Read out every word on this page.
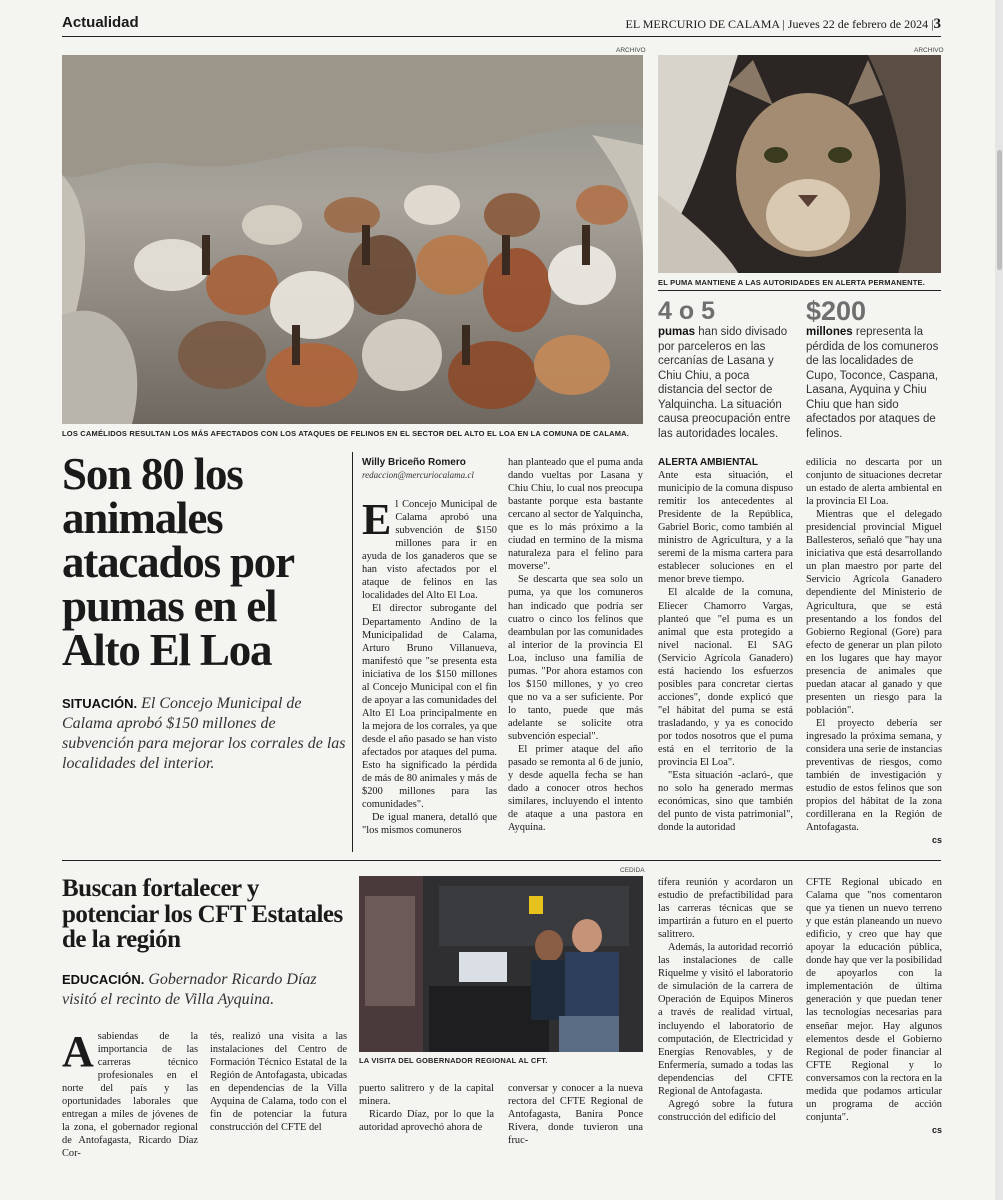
Actualidad	EL MERCURIO DE CALAMA | Jueves 22 de febrero de 2024 |3
ARCHIVO
LOS CAMÉLIDOS RESULTAN LOS MÁS AFECTADOS CON LOS ATAQUES DE FELINOS EN EL SECTOR DEL ALTO EL LOA EN LA COMUNA DE CALAMA.
ARCHIVO
EL PUMA MANTIENE A LAS AUTORIDADES EN ALERTA PERMANENTE.
4 o 5
pumas han sido divisado por parceleros en las cercanías de Lasana y Chiu Chiu, a poca distancia del sector de Yalquincha. La situación causa preocupación entre las autoridades locales.
$200
millones representa la pérdida de los comuneros de las localidades de Cupo, Toconce, Caspana, Lasana, Ayquina y Chiu Chiu que han sido afectados por ataques de felinos.
Son 80 los animales atacados por pumas en el Alto El Loa
SITUACIÓN. El Concejo Municipal de Calama aprobó $150 millones de subvención para mejorar los corrales de las localidades del interior.
Willy Briceño Romero
redaccion@mercuriocalama.cl

El Concejo Municipal de Calama aprobó una subvención de $150 millones para ir en ayuda de los ganaderos que se han visto afectados por el ataque de felinos en las localidades del Alto El Loa.

El director subrogante del Departamento Andino de la Municipalidad de Calama, Arturo Bruno Villanueva, manifestó que "se presenta esta iniciativa de los $150 millones al Concejo Municipal con el fin de apoyar a las comunidades del Alto El Loa principalmente en la mejora de los corrales, ya que desde el año pasado se han visto afectados por ataques del puma. Esto ha significado la pérdida de más de 80 animales y más de $200 millones para las comunidades".

De igual manera, detalló que "los mismos comuneros

han planteado que el puma anda dando vueltas por Lasana y Chiu Chiu, lo cual nos preocupa bastante porque esta bastante cercano al sector de Yalquincha, que es lo más próximo a la ciudad en termino de la misma naturaleza para el felino para moverse".

Se descarta que sea solo un puma, ya que los comuneros han indicado que podría ser cuatro o cinco los felinos que deambulan por las comunidades al interior de la provincia El Loa, incluso una familia de pumas. "Por ahora estamos con los $150 millones, y yo creo que no va a ser suficiente. Por lo tanto, puede que más adelante se solicite otra subvención especial".

El primer ataque del año pasado se remonta al 6 de junio, y desde aquella fecha se han dado a conocer otros hechos similares, incluyendo el intento de ataque a una pastora en Ayquina.

ALERTA AMBIENTAL

Ante esta situación, el municipio de la comuna dispuso remitir los antecedentes al Presidente de la República, Gabriel Boric, como también al ministro de Agricultura, y a la seremi de la misma cartera para establecer soluciones en el menor breve tiempo.

El alcalde de la comuna, Eliecer Chamorro Vargas, planteó que "el puma es un animal que esta protegido a nivel nacional. El SAG (Servicio Agrícola Ganadero) está haciendo los esfuerzos posibles para concretar ciertas acciones", donde explicó que "el hábitat del puma se está trasladando, y ya es conocido por todos nosotros que el puma está en el territorio de la provincia El Loa".

"Esta situación -aclaró-, que no solo ha generado mermas económicas, sino que también del punto de vista patrimonial", donde la autoridad

edilicia no descarta por un conjunto de situaciones decretar un estado de alerta ambiental en la provincia El Loa.

Mientras que el delegado presidencial provincial Miguel Ballesteros, señaló que "hay una iniciativa que está desarrollando un plan maestro por parte del Servicio Agrícola Ganadero dependiente del Ministerio de Agricultura, que se está presentando a los fondos del Gobierno Regional (Gore) para efecto de generar un plan piloto en los lugares que hay mayor presencia de animales que puedan atacar al ganado y que presenten un riesgo para la población".

El proyecto debería ser ingresado la próxima semana, y considera una serie de instancias preventivas de riesgos, como también de investigación y estudio de estos felinos que son propios del hábitat de la zona cordillerana en la Región de Antofagasta.

cs
Buscan fortalecer y potenciar los CFT Estatales de la región
EDUCACIÓN. Gobernador Ricardo Díaz visitó el recinto de Villa Ayquina.
CEDIDA
LA VISITA DEL GOBERNADOR REGIONAL AL CFT.

Asabiendas de la importancia de las carreras técnico profesionales en el norte del país y las oportunidades laborales que entregan a miles de jóvenes de la zona, el gobernador regional de Antofagasta, Ricardo Díaz Cor-

tés, realizó una visita a las instalaciones del Centro de Formación Técnico Estatal de la Región de Antofagasta, ubicadas en dependencias de la Villa Ayquina de Calama, todo con el fin de potenciar la futura construcción del CFTE del

puerto salitrero y de la capital minera.

Ricardo Díaz, por lo que la autoridad aprovechó ahora de

conversar y conocer a la nueva rectora del CFTE Regional de Antofagasta, Banira Ponce Rivera, donde tuvieron una fruc-

tífera reunión y acordaron un estudio de prefactibilidad para las carreras técnicas que se impartirán a futuro en el puerto salitrero.

Además, la autoridad recorrió las instalaciones de calle Riquelme y visitó el laboratorio de simulación de la carrera de Operación de Equipos Mineros a través de realidad virtual, incluyendo el laboratorio de computación, de Electricidad y Energías Renovables, y de Enfermería, sumado a todas las dependencias del CFTE Regional de Antofagasta.

Agregó sobre la futura construcción del edificio del

CFTE Regional ubicado en Calama que "nos comentaron que ya tienen un nuevo terreno y que están planeando un nuevo edificio, y creo que hay que apoyar la educación pública, donde hay que ver la posibilidad de apoyarlos con la implementación de última generación y que puedan tener las tecnologías necesarias para enseñar mejor. Hay algunos elementos desde el Gobierno Regional de poder financiar al CFTE Regional y lo conversamos con la rectora en la medida que podamos articular un programa de acción conjunta".

cs
